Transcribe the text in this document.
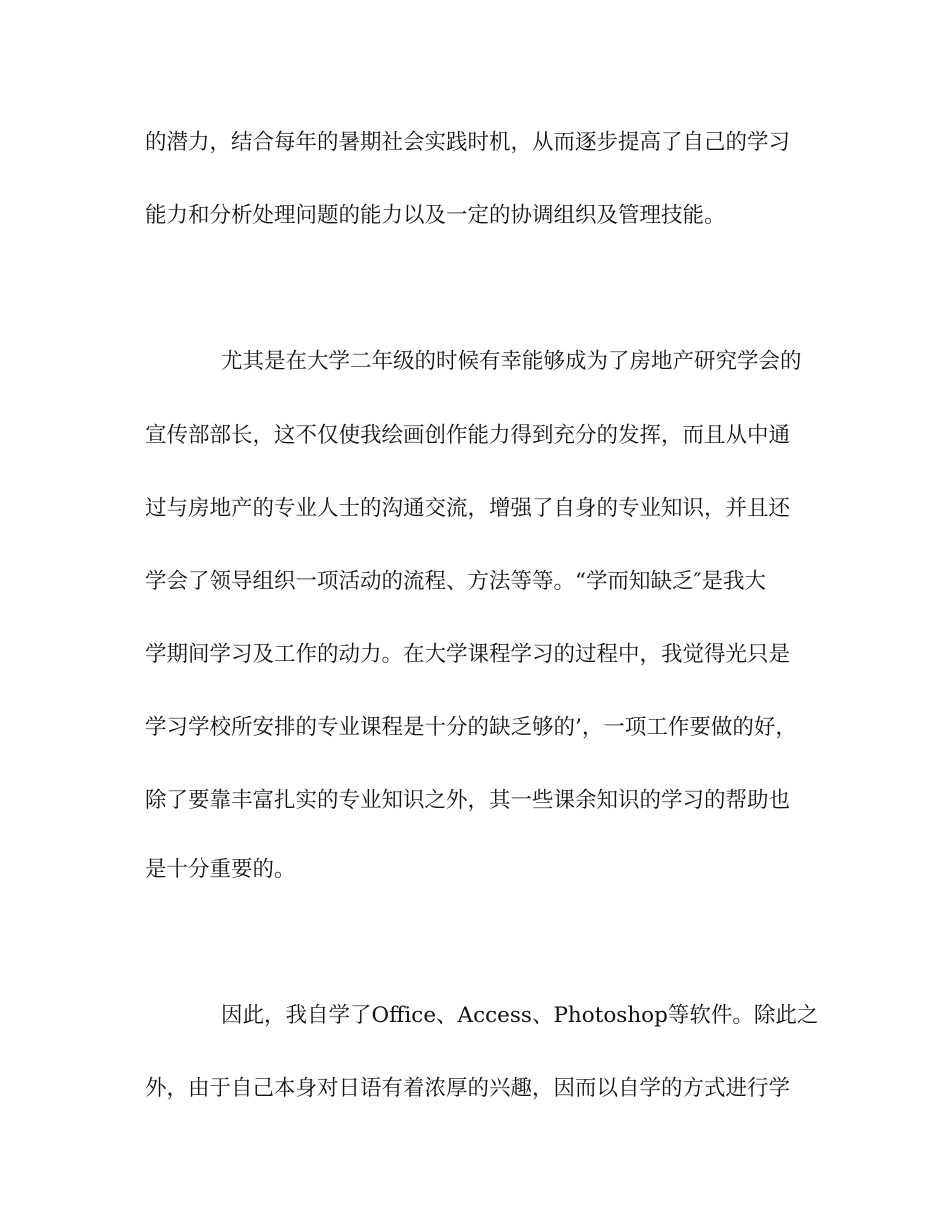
的潜力，结合每年的暑期社会实践时机，从而逐步提高了自己的学习
能力和分析处理问题的能力以及一定的协调组织及管理技能。
尤其是在大学二年级的时候有幸能够成为了房地产研究学会的
宣传部部长，这不仅使我绘画创作能力得到充分的发挥，而且从中通
过与房地产的专业人士的沟通交流，增强了自身的专业知识，并且还
学会了领导组织一项活动的流程、方法等等。“学而知缺乏″是我大
学期间学习及工作的动力。在大学课程学习的过程中，我觉得光只是
学习学校所安排的专业课程是十分的缺乏够的’，一项工作要做的好，
除了要靠丰富扎实的专业知识之外，其一些课余知识的学习的帮助也
是十分重要的。
因此，我自学了Office、Access、Photoshop等软件。除此之
外，由于自己本身对日语有着浓厚的兴趣，因而以自学的方式进行学
